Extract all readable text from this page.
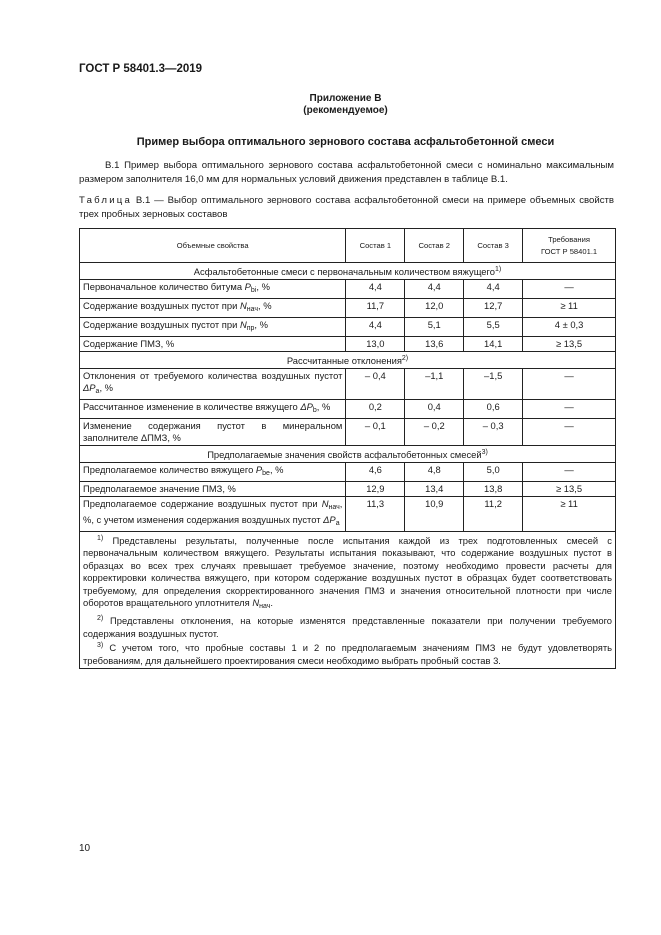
ГОСТ Р 58401.3—2019
Приложение В
(рекомендуемое)
Пример выбора оптимального зернового состава асфальтобетонной смеси
В.1 Пример выбора оптимального зернового состава асфальтобетонной смеси с номинально максимальным размером заполнителя 16,0 мм для нормальных условий движения представлен в таблице В.1.
Таблица В.1 — Выбор оптимального зернового состава асфальтобетонной смеси на примере объемных свойств трех пробных зерновых составов
Объемные свойства	Состав 1	Состав 2	Состав 3	Требования
ГОСТ Р 58401.1
Асфальтобетонные смеси с первоначальным количеством вяжущего$^{1)}$
Первоначальное количество битума $P_{bi}$, %	4,4	4,4	4,4	—
Содержание воздушных пустот при $N_{нач}$, %	11,7	12,0	12,7	≥ 11
Содержание воздушных пустот при $N_{пр}$, %	4,4	5,1	5,5	4 ± 0,3
Содержание ПМЗ, %	13,0	13,6	14,1	≥ 13,5
Рассчитанные отклонения$^{2)}$
Отклонения от требуемого количества воздушных пустот $\Delta P_a$, %	– 0,4	–1,1	–1,5	—
Рассчитанное изменение в количестве вяжущего $\Delta P_b$, %	0,2	0,4	0,6	—
Изменение содержания пустот в минеральном заполнителе ΔПМЗ, %	– 0,1	– 0,2	– 0,3	—
Предполагаемые значения свойств асфальтобетонных смесей$^{3)}$
Предполагаемое количество вяжущего $P_{be}$, %	4,6	4,8	5,0	—
Предполагаемое значение ПМЗ, %	12,9	13,4	13,8	≥ 13,5
Предполагаемое содержание воздушных пустот при $N_{нач}$, %, с учетом изменения содержания воздушных пустот $\Delta P_a$	11,3	10,9	11,2	≥ 11

$^{1)}$ Представлены результаты, полученные после испытания каждой из трех подготовленных смесей с первоначальным количеством вяжущего. Результаты испытания показывают, что содержание воздушных пустот в образцах во всех трех случаях превышает требуемое значение, поэтому необходимо провести расчеты для корректировки количества вяжущего, при котором содержание воздушных пустот в образцах будет соответствовать требуемому, для определения скорректированного значения ПМЗ и значения относительной плотности при числе оборотов вращательного уплотнителя $N_{нач}$.

$^{2)}$ Представлены отклонения, на которые изменятся представленные показатели при получении требуемого содержания воздушных пустот.

$^{3)}$ С учетом того, что пробные составы 1 и 2 по предполагаемым значениям ПМЗ не будут удовлетворять требованиям, для дальнейшего проектирования смеси необходимо выбрать пробный состав 3.				

10
